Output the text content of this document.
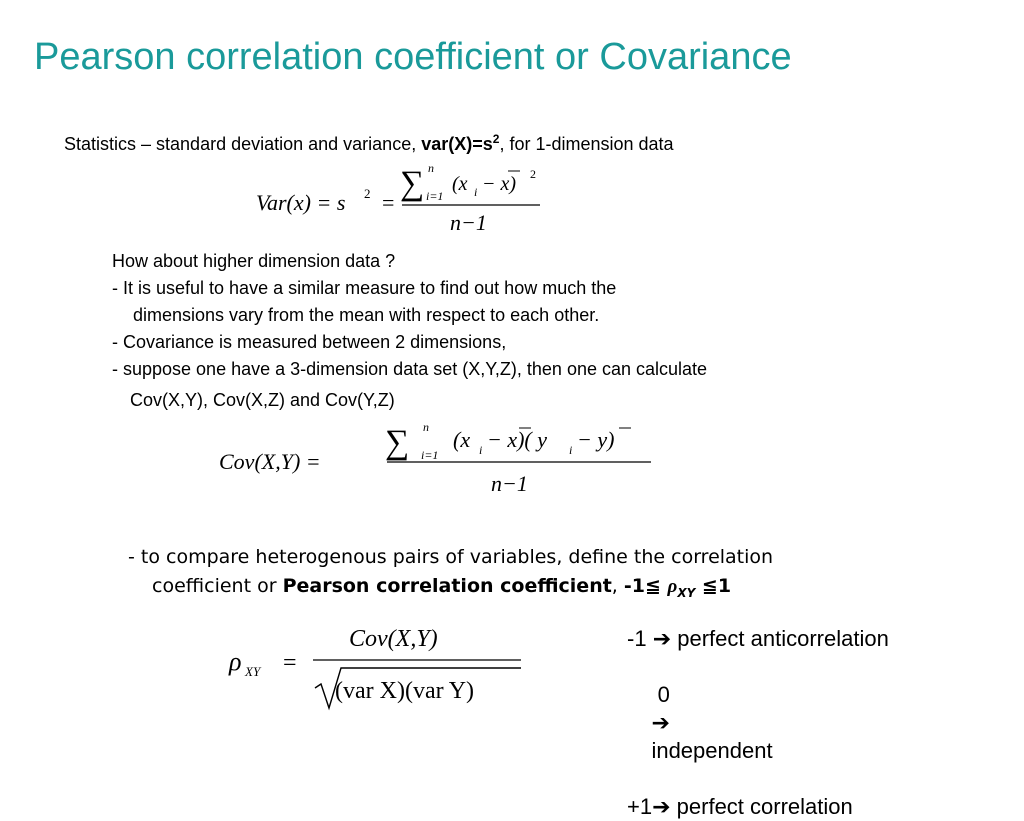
Pearson correlation coefficient or Covariance
Statistics – standard deviation and variance, $var(X)=s^2$, for 1-dimension data
Var(x) = s 2 =
∑ n
i=1
(x i − x) 2
n−1
How about higher dimension data ?
- It is useful to have a similar measure to find out how much the
dimensions vary from the mean with respect to each other.
- Covariance is measured between 2 dimensions,
- suppose one have a 3-dimension data set (X,Y,Z), then one can calculate
Cov(X,Y), Cov(X,Z) and Cov(Y,Z)
Cov(X,Y) =
∑ n
i=1
(x i − x)( y i − y)
n−1
- to compare heterogenous pairs of variables, define the correlation
coefficient or Pearson correlation coefficient, -1≦ $\rho_{XY}$ ≦1
ρ XY =
Cov(X,Y)
(var X)(var Y)
-1 ➔ perfect anticorrelation

0
➔
independent

+1➔ perfect correlation
